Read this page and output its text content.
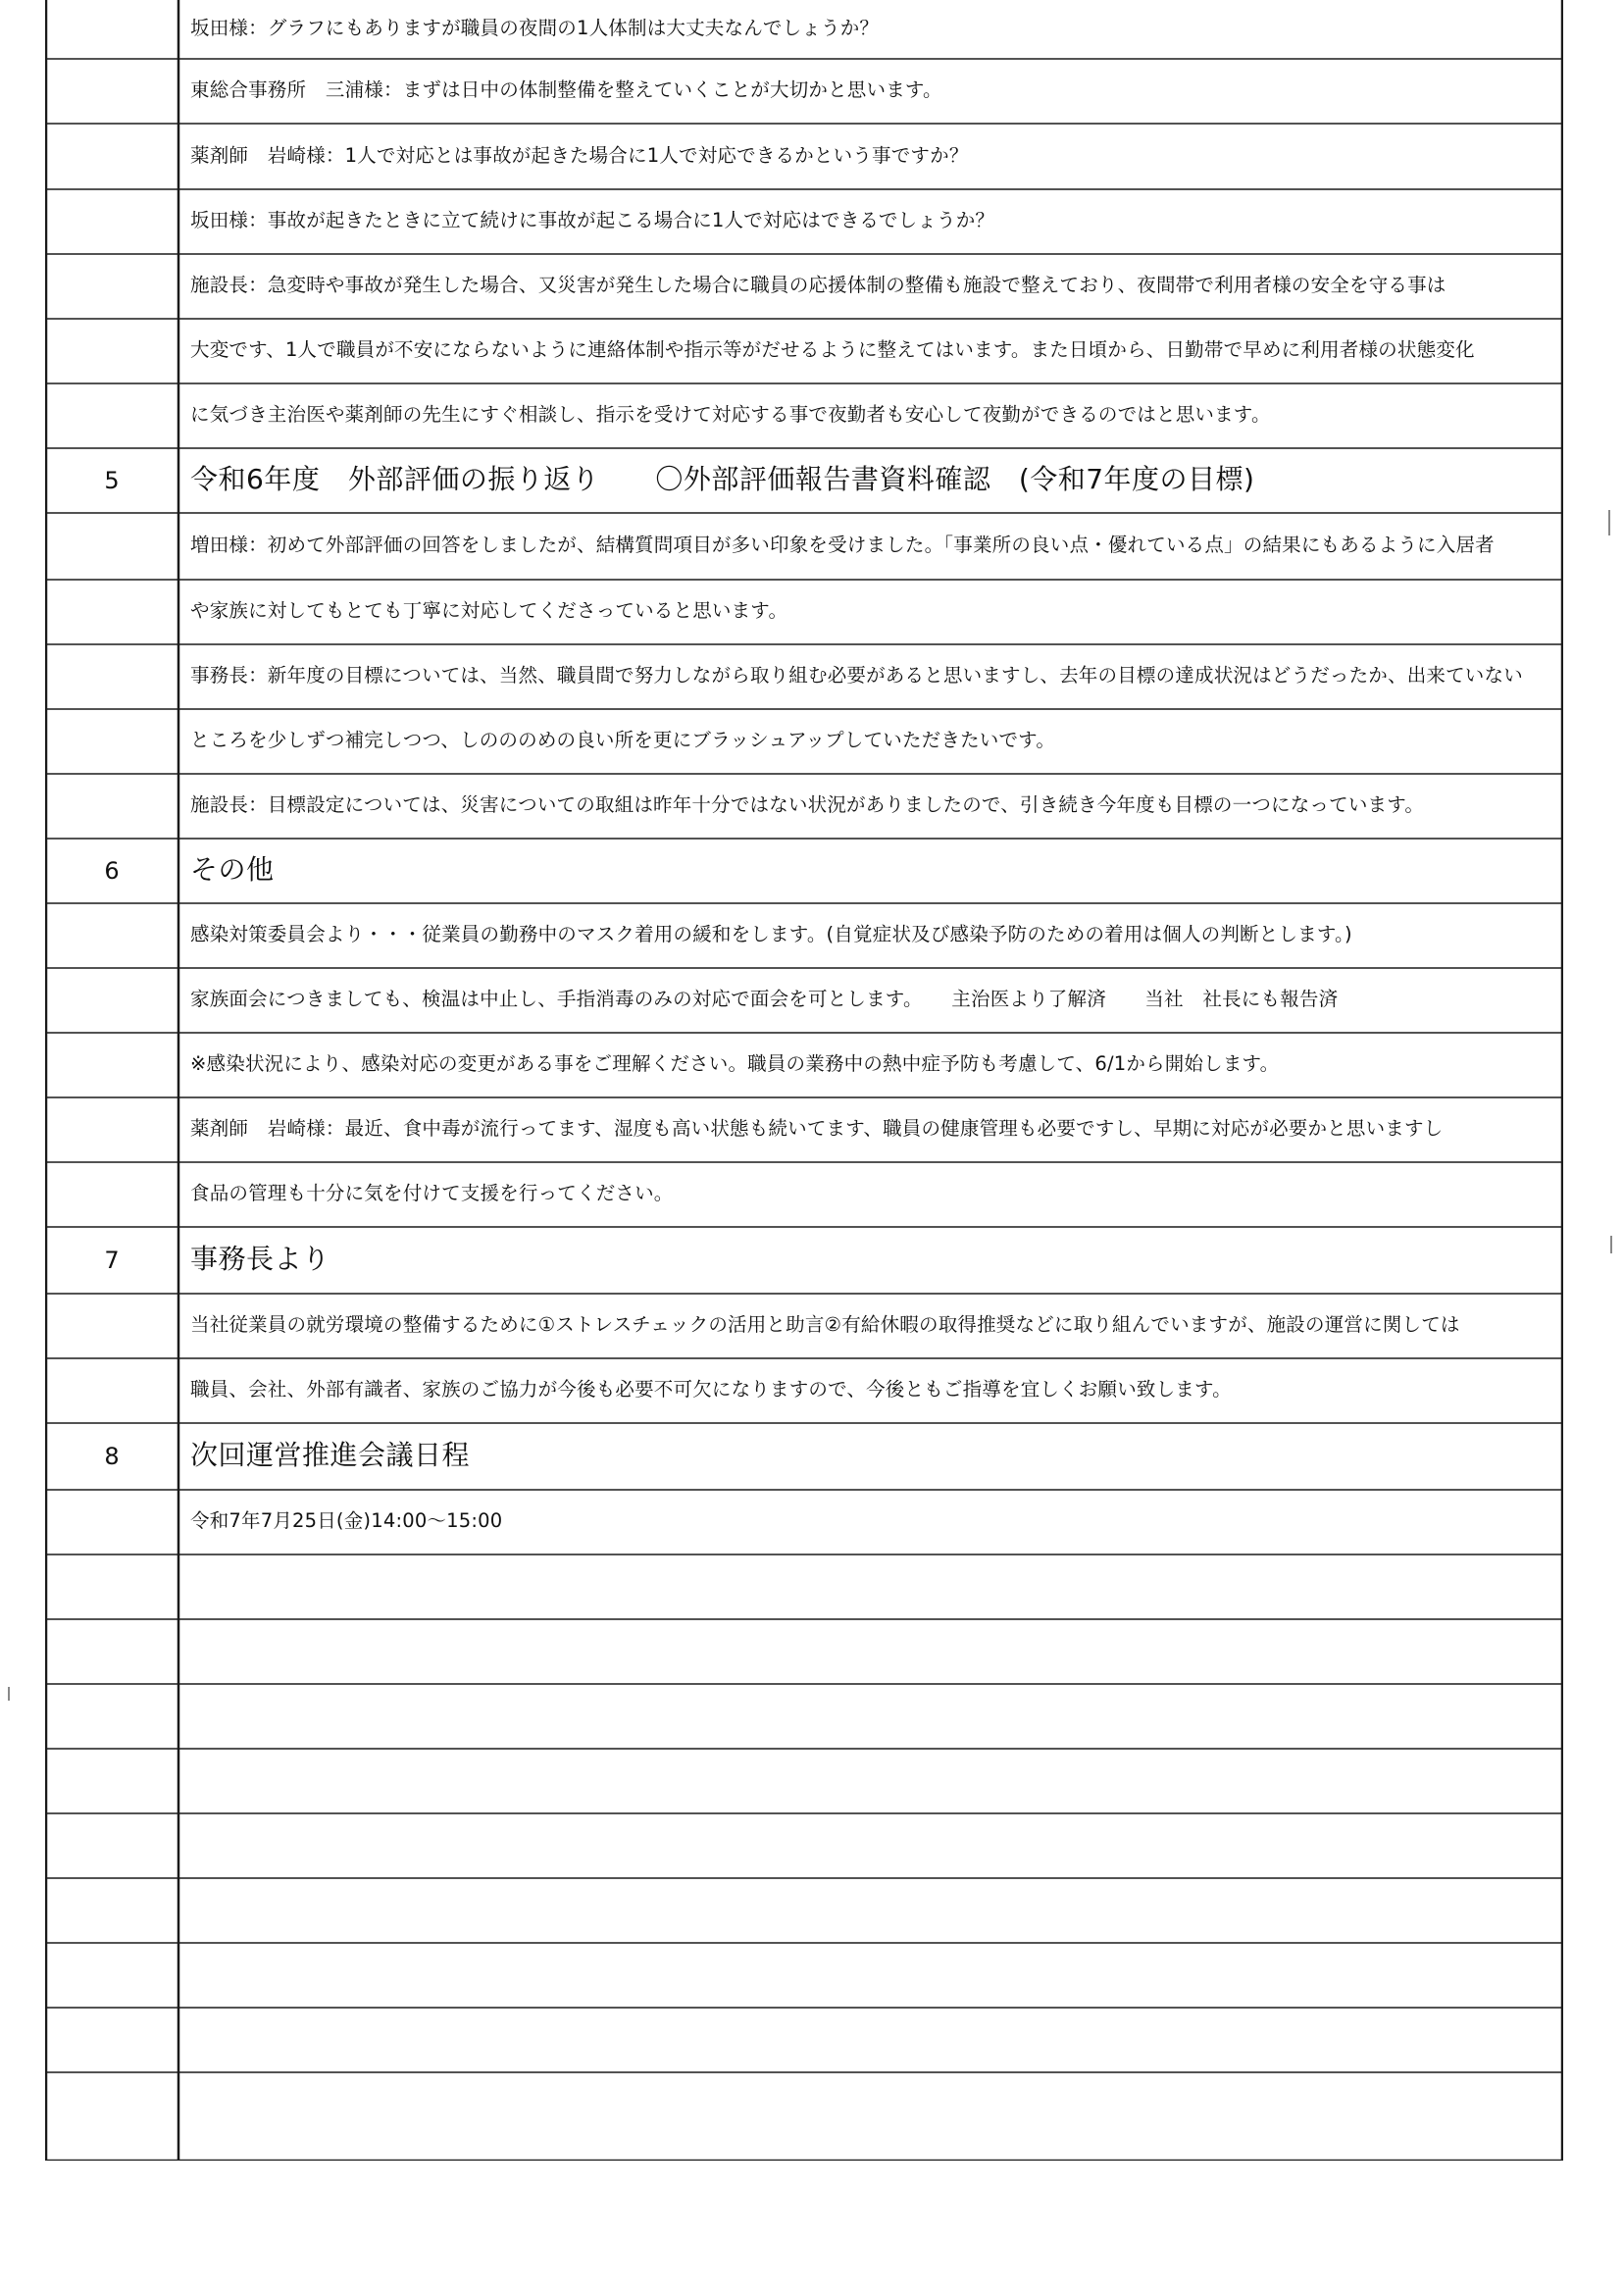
坂田様：グラフにもありますが職員の夜間の1人体制は大丈夫なんでしょうか？
東総合事務所　三浦様：まずは日中の体制整備を整えていくことが大切かと思います。
薬剤師　岩崎様：1人で対応とは事故が起きた場合に1人で対応できるかという事ですか？
坂田様：事故が起きたときに立て続けに事故が起こる場合に1人で対応はできるでしょうか？
施設長：急変時や事故が発生した場合、又災害が発生した場合に職員の応援体制の整備も施設で整えており、夜間帯で利用者様の安全を守る事は
大変です、1人で職員が不安にならないように連絡体制や指示等がだせるように整えてはいます。また日頃から、日勤帯で早めに利用者様の状態変化
に気づき主治医や薬剤師の先生にすぐ相談し、指示を受けて対応する事で夜勤者も安心して夜勤ができるのではと思います。
5	令和6年度　外部評価の振り返り　　〇外部評価報告書資料確認　(令和7年度の目標)
増田様：初めて外部評価の回答をしましたが、結構質問項目が多い印象を受けました。「事業所の良い点・優れている点」の結果にもあるように入居者
や家族に対してもとても丁寧に対応してくださっていると思います。
事務長：新年度の目標については、当然、職員間で努力しながら取り組む必要があると思いますし、去年の目標の達成状況はどうだったか、出来ていない
ところを少しずつ補完しつつ、しのののめの良い所を更にブラッシュアップしていただきたいです。
施設長：目標設定については、災害についての取組は昨年十分ではない状況がありましたので、引き続き今年度も目標の一つになっています。
6	その他
感染対策委員会より・・・従業員の勤務中のマスク着用の緩和をします。(自覚症状及び感染予防のための着用は個人の判断とします。)
家族面会につきましても、検温は中止し、手指消毒のみの対応で面会を可とします。　　主治医より了解済　　当社　社長にも報告済
※感染状況により、感染対応の変更がある事をご理解ください。職員の業務中の熱中症予防も考慮して、6/1から開始します。
薬剤師　岩崎様：最近、食中毒が流行ってます、湿度も高い状態も続いてます、職員の健康管理も必要ですし、早期に対応が必要かと思いますし
食品の管理も十分に気を付けて支援を行ってください。
7	事務長より
当社従業員の就労環境の整備するために①ストレスチェックの活用と助言②有給休暇の取得推奨などに取り組んでいますが、施設の運営に関しては
職員、会社、外部有識者、家族のご協力が今後も必要不可欠になりますので、今後ともご指導を宜しくお願い致します。
8	次回運営推進会議日程
令和7年7月25日(金)14:00～15:00
